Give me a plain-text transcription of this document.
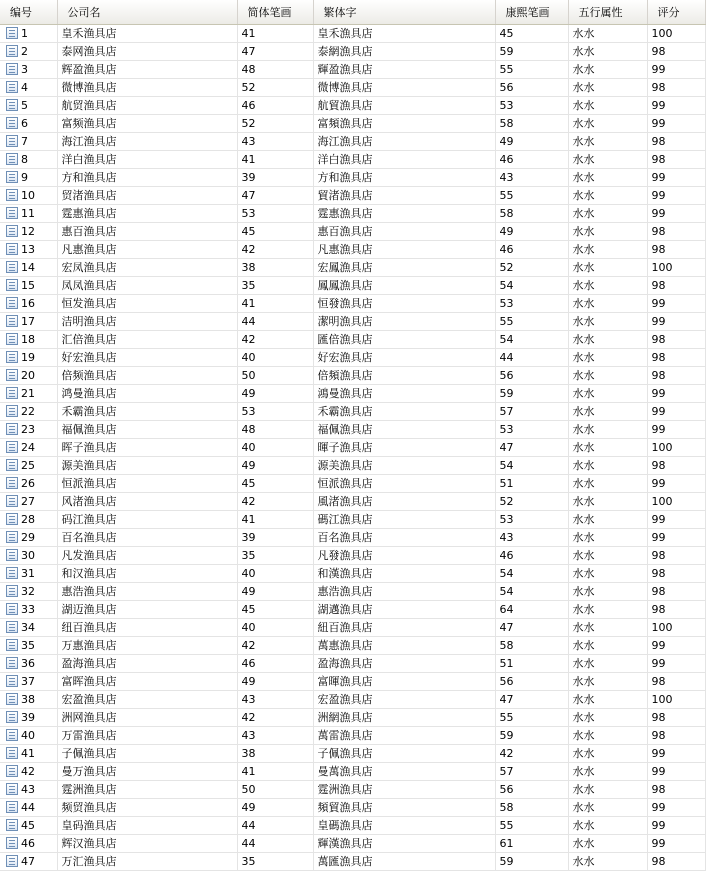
编号	公司名	简体笔画	繁体字	康熙笔画	五行属性	评分
1	皇禾渔具店	41	皇禾漁具店	45	水水	100
2	泰网渔具店	47	泰網漁具店	59	水水	98
3	辉盈渔具店	48	輝盈漁具店	55	水水	99
4	微博渔具店	52	微博漁具店	56	水水	98
5	航贸渔具店	46	航貿漁具店	53	水水	99
6	富频渔具店	52	富頻漁具店	58	水水	99
7	海江渔具店	43	海江漁具店	49	水水	98
8	洋白渔具店	41	洋白漁具店	46	水水	98
9	方和渔具店	39	方和漁具店	43	水水	99
10	贸渚渔具店	47	貿渚漁具店	55	水水	99
11	霆惠渔具店	53	霆惠漁具店	58	水水	99
12	惠百渔具店	45	惠百漁具店	49	水水	98
13	凡惠渔具店	42	凡惠漁具店	46	水水	98
14	宏凤渔具店	38	宏鳳漁具店	52	水水	100
15	凤凤渔具店	35	鳳鳳漁具店	54	水水	98
16	恒发渔具店	41	恒發漁具店	53	水水	99
17	洁明渔具店	44	潔明漁具店	55	水水	99
18	汇倍渔具店	42	匯倍漁具店	54	水水	98
19	好宏渔具店	40	好宏漁具店	44	水水	98
20	倍频渔具店	50	倍頻漁具店	56	水水	98
21	鸿曼渔具店	49	鴻曼漁具店	59	水水	99
22	禾霸渔具店	53	禾霸漁具店	57	水水	99
23	福佩渔具店	48	福佩漁具店	53	水水	99
24	晖子渔具店	40	暉子漁具店	47	水水	100
25	源美渔具店	49	源美漁具店	54	水水	98
26	恒派渔具店	45	恒派漁具店	51	水水	99
27	风渚渔具店	42	風渚漁具店	52	水水	100
28	码江渔具店	41	碼江漁具店	53	水水	99
29	百名渔具店	39	百名漁具店	43	水水	99
30	凡发渔具店	35	凡發漁具店	46	水水	98
31	和汉渔具店	40	和漢漁具店	54	水水	98
32	惠浩渔具店	49	惠浩漁具店	54	水水	98
33	湖迈渔具店	45	湖邁漁具店	64	水水	98
34	纽百渔具店	40	紐百漁具店	47	水水	100
35	万惠渔具店	42	萬惠漁具店	58	水水	99
36	盈海渔具店	46	盈海漁具店	51	水水	99
37	富晖渔具店	49	富暉漁具店	56	水水	98
38	宏盈渔具店	43	宏盈漁具店	47	水水	100
39	洲网渔具店	42	洲網漁具店	55	水水	98
40	万雷渔具店	43	萬雷漁具店	59	水水	98
41	子佩渔具店	38	子佩漁具店	42	水水	99
42	曼万渔具店	41	曼萬漁具店	57	水水	99
43	霆洲渔具店	50	霆洲漁具店	56	水水	98
44	频贸渔具店	49	頻貿漁具店	58	水水	99
45	皇码渔具店	44	皇碼漁具店	55	水水	99
46	辉汉渔具店	44	輝漢漁具店	61	水水	99
47	万汇渔具店	35	萬匯漁具店	59	水水	98
